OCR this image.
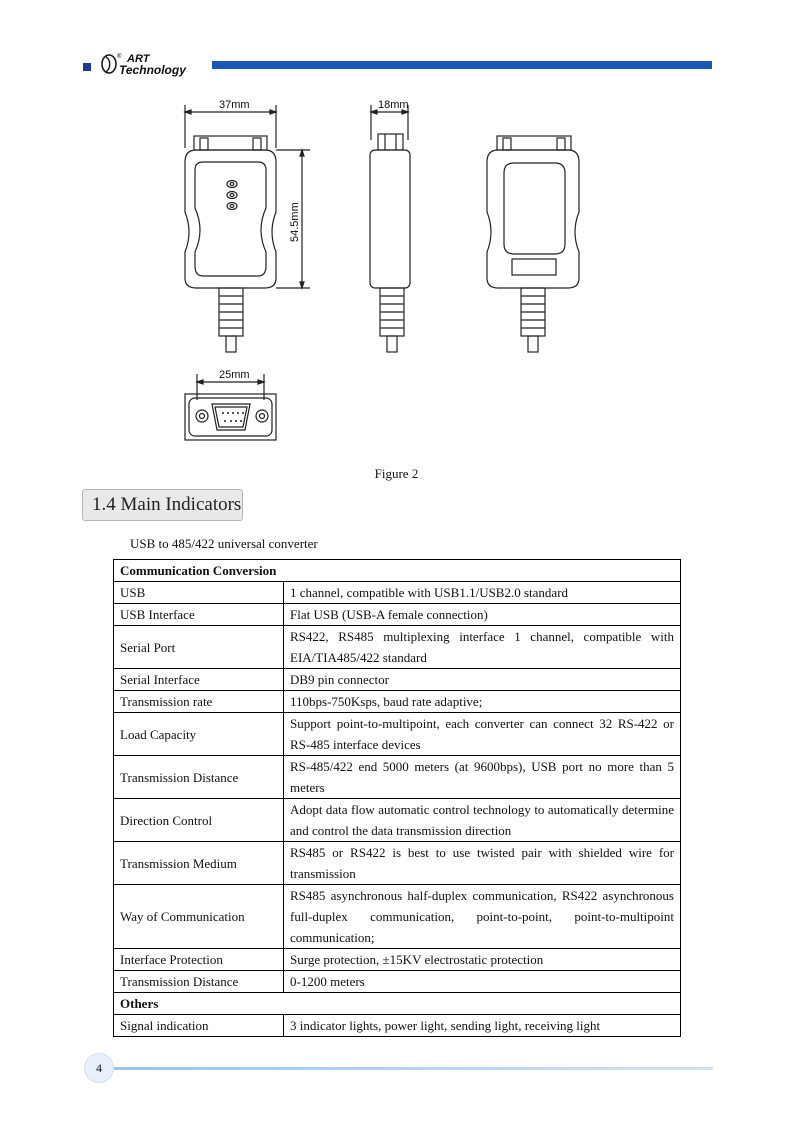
® ART
Technology
37mm	18mm
25mm
54.5mm
Figure 2
1.4 Main Indicators
USB to 485/422 universal converter
Communication Conversion	
USB	1 channel, compatible with USB1.1/USB2.0 standard
USB Interface	Flat USB (USB-A female connection)
Serial Port	RS422, RS485 multiplexing interface 1 channel, compatible with EIA/TIA485/422 standard
Serial Interface	DB9 pin connector
Transmission rate	110bps-750Ksps, baud rate adaptive;
Load Capacity	Support point-to-multipoint, each converter can connect 32 RS-422 or RS-485 interface devices
Transmission Distance	RS-485/422 end 5000 meters (at 9600bps), USB port no more than 5 meters
Direction Control	Adopt data flow automatic control technology to automatically determine and control the data transmission direction
Transmission Medium	RS485 or RS422 is best to use twisted pair with shielded wire for transmission
Way of Communication	RS485 asynchronous half-duplex communication, RS422 asynchronous full-duplex communication, point-to-point, point-to-multipoint communication;
Interface Protection	Surge protection, ±15KV electrostatic protection
Transmission Distance	0-1200 meters
Others	
Signal indication	3 indicator lights, power light, sending light, receiving light
4
